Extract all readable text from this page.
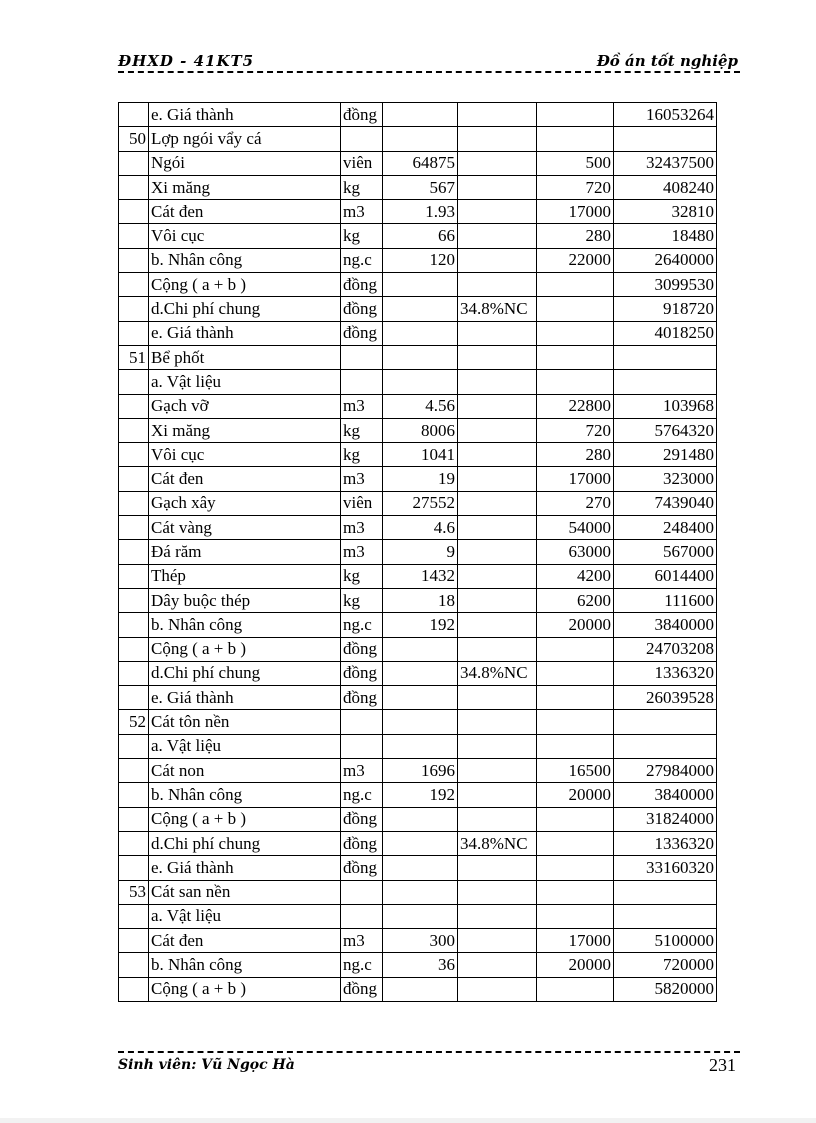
ĐHXD - 41KT5	Đồ án tốt nghiệp
	e. Giá thành	đồng				16053264
50	Lợp ngói vẩy cá					
	Ngói	viên	64875		500	32437500
	Xi măng	kg	567		720	408240
	Cát đen	m3	1.93		17000	32810
	Vôi cục	kg	66		280	18480
	b. Nhân công	ng.c	120		22000	2640000
	Cộng ( a + b )	đồng				3099530
	d.Chi phí chung	đồng		34.8%NC		918720
	e. Giá thành	đồng				4018250
51	Bể phốt					
	a. Vật liệu					
	Gạch vỡ	m3	4.56		22800	103968
	Xi măng	kg	8006		720	5764320
	Vôi cục	kg	1041		280	291480
	Cát đen	m3	19		17000	323000
	Gạch xây	viên	27552		270	7439040
	Cát vàng	m3	4.6		54000	248400
	Đá răm	m3	9		63000	567000
	Thép	kg	1432		4200	6014400
	Dây buộc thép	kg	18		6200	111600
	b. Nhân công	ng.c	192		20000	3840000
	Cộng ( a + b )	đồng				24703208
	d.Chi phí chung	đồng		34.8%NC		1336320
	e. Giá thành	đồng				26039528
52	Cát tôn nền					
	a. Vật liệu					
	Cát non	m3	1696		16500	27984000
	b. Nhân công	ng.c	192		20000	3840000
	Cộng ( a + b )	đồng				31824000
	d.Chi phí chung	đồng		34.8%NC		1336320
	e. Giá thành	đồng				33160320
53	Cát san nền					
	a. Vật liệu					
	Cát đen	m3	300		17000	5100000
	b. Nhân công	ng.c	36		20000	720000
	Cộng ( a + b )	đồng				5820000
Sinh viên: Vũ Ngọc Hà	231
